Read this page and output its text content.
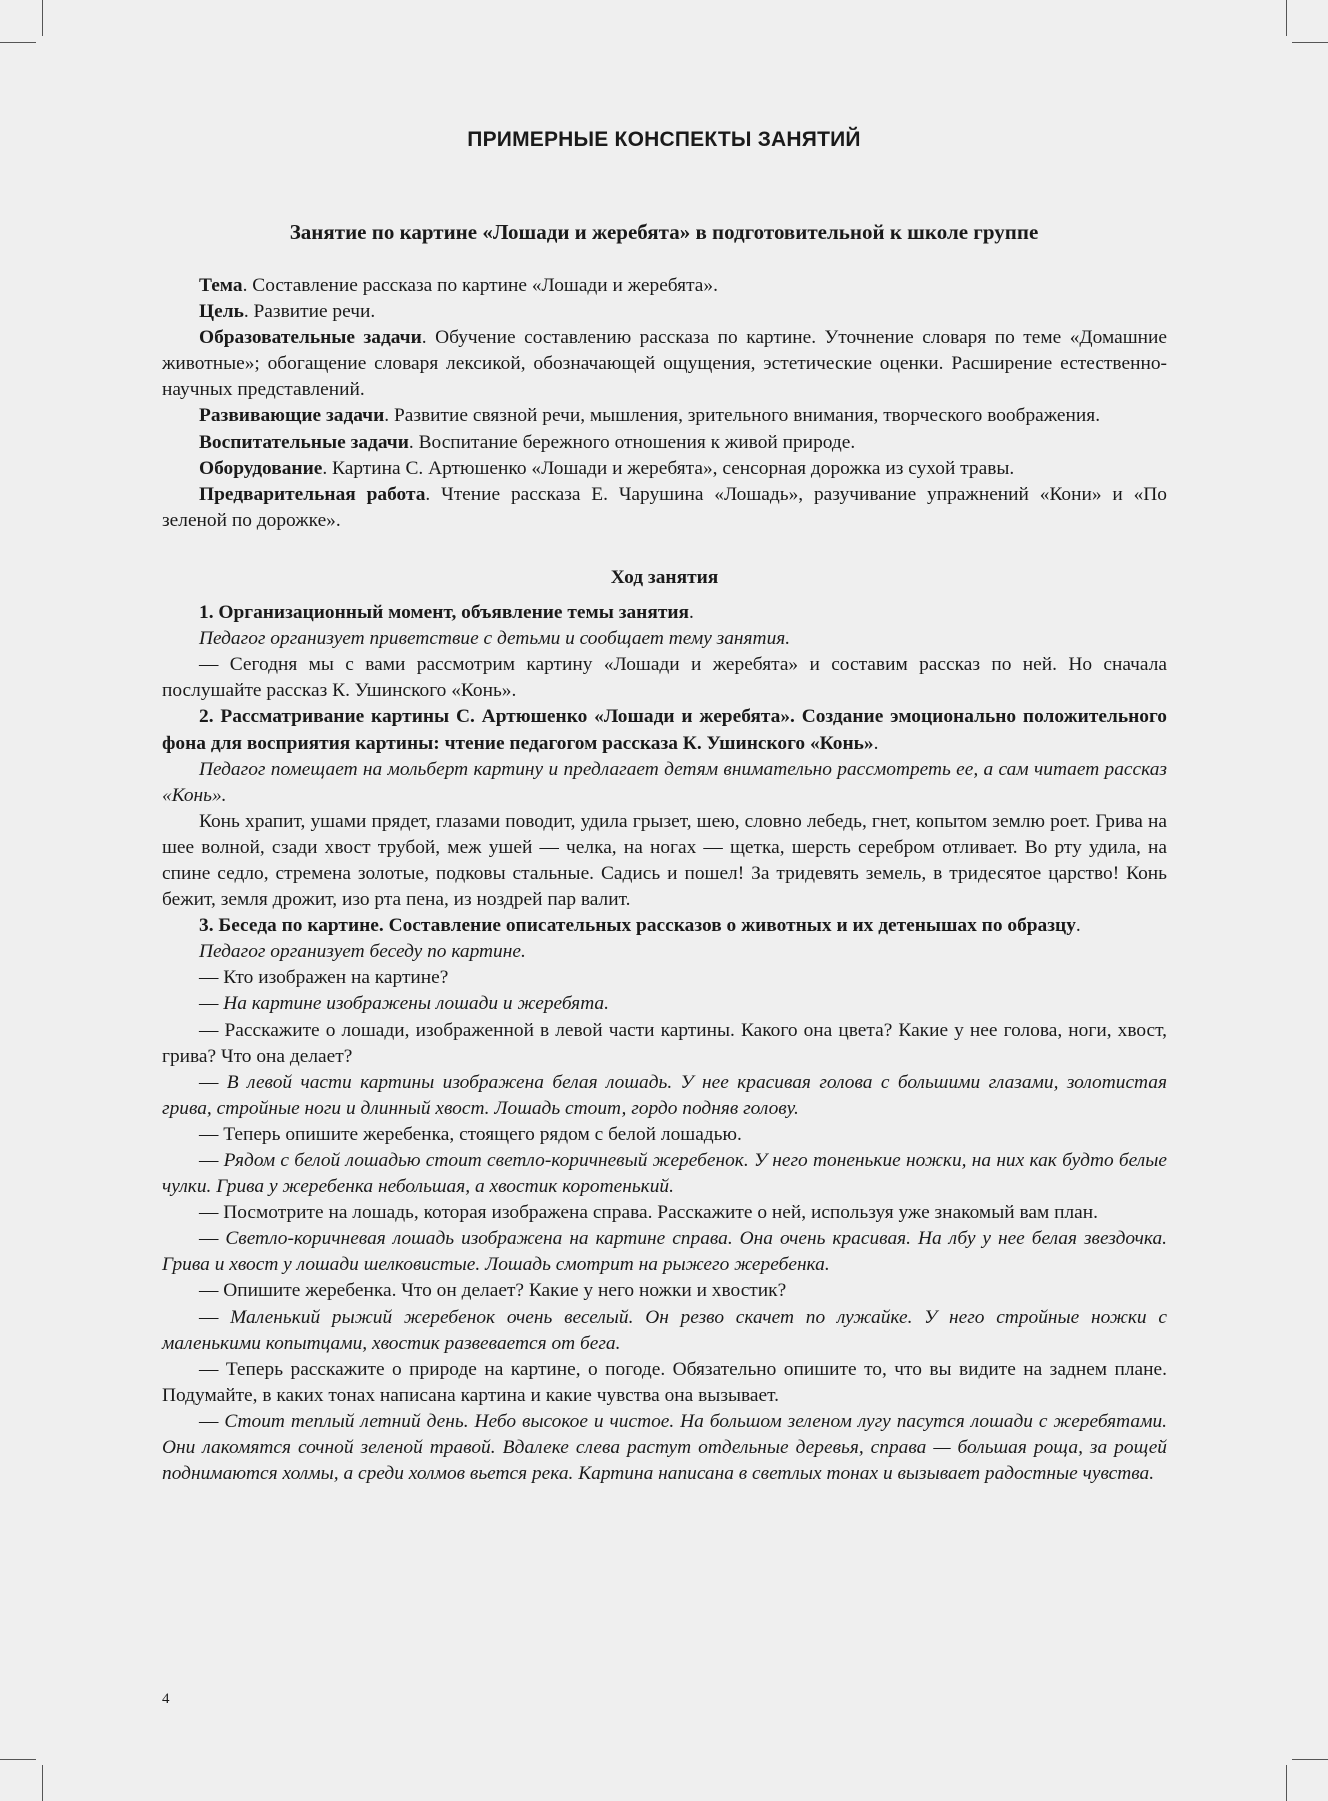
ПРИМЕРНЫЕ КОНСПЕКТЫ ЗАНЯТИЙ
Занятие по картине «Лошади и жеребята» в подготовительной к школе группе

Тема. Составление рассказа по картине «Лошади и жеребята».

Цель. Развитие речи.

Образовательные задачи. Обучение составлению рассказа по картине. Уточнение словаря по теме «Домашние животные»; обогащение словаря лексикой, обозначающей ощущения, эстетические оценки. Расширение естественно-научных представлений.

Развивающие задачи. Развитие связной речи, мышления, зрительного внимания, творческого воображения.

Воспитательные задачи. Воспитание бережного отношения к живой природе.

Оборудование. Картина С. Артюшенко «Лошади и жеребята», сенсорная дорожка из сухой травы.

Предварительная работа. Чтение рассказа Е. Чарушина «Лошадь», разучивание упражнений «Кони» и «По зеленой по дорожке».

Ход занятия

1. Организационный момент, объявление темы занятия.

Педагог организует приветствие с детьми и сообщает тему занятия.

— Сегодня мы с вами рассмотрим картину «Лошади и жеребята» и составим рассказ по ней. Но сначала послушайте рассказ К. Ушинского «Конь».

2. Рассматривание картины С. Артюшенко «Лошади и жеребята». Создание эмоционально положительного фона для восприятия картины: чтение педагогом рассказа К. Ушинского «Конь».

Педагог помещает на мольберт картину и предлагает детям внимательно рассмотреть ее, а сам читает рассказ «Конь».

Конь храпит, ушами прядет, глазами поводит, удила грызет, шею, словно лебедь, гнет, копытом землю роет. Грива на шее волной, сзади хвост трубой, меж ушей — челка, на ногах — щетка, шерсть серебром отливает. Во рту удила, на спине седло, стремена золотые, подковы стальные. Садись и пошел! За тридевять земель, в тридесятое царство! Конь бежит, земля дрожит, изо рта пена, из ноздрей пар валит.

3. Беседа по картине. Составление описательных рассказов о животных и их детенышах по образцу.

Педагог организует беседу по картине.

— Кто изображен на картине?

— На картине изображены лошади и жеребята.

— Расскажите о лошади, изображенной в левой части картины. Какого она цвета? Какие у нее голова, ноги, хвост, грива? Что она делает?

— В левой части картины изображена белая лошадь. У нее красивая голова с большими глазами, золотистая грива, стройные ноги и длинный хвост. Лошадь стоит, гордо подняв голову.

— Теперь опишите жеребенка, стоящего рядом с белой лошадью.

— Рядом с белой лошадью стоит светло-коричневый жеребенок. У него тоненькие ножки, на них как будто белые чулки. Грива у жеребенка небольшая, а хвостик коротенький.

— Посмотрите на лошадь, которая изображена справа. Расскажите о ней, используя уже знакомый вам план.

— Светло-коричневая лошадь изображена на картине справа. Она очень красивая. На лбу у нее белая звездочка. Грива и хвост у лошади шелковистые. Лошадь смотрит на рыжего жеребенка.

— Опишите жеребенка. Что он делает? Какие у него ножки и хвостик?

— Маленький рыжий жеребенок очень веселый. Он резво скачет по лужайке. У него стройные ножки с маленькими копытцами, хвостик развевается от бега.

— Теперь расскажите о природе на картине, о погоде. Обязательно опишите то, что вы видите на заднем плане. Подумайте, в каких тонах написана картина и какие чувства она вызывает.

— Стоит теплый летний день. Небо высокое и чистое. На большом зеленом лугу пасутся лошади с жеребятами. Они лакомятся сочной зеленой травой. Вдалеке слева растут отдельные деревья, справа — большая роща, за рощей поднимаются холмы, а среди холмов вьется река. Картина написана в светлых тонах и вызывает радостные чувства.

4
